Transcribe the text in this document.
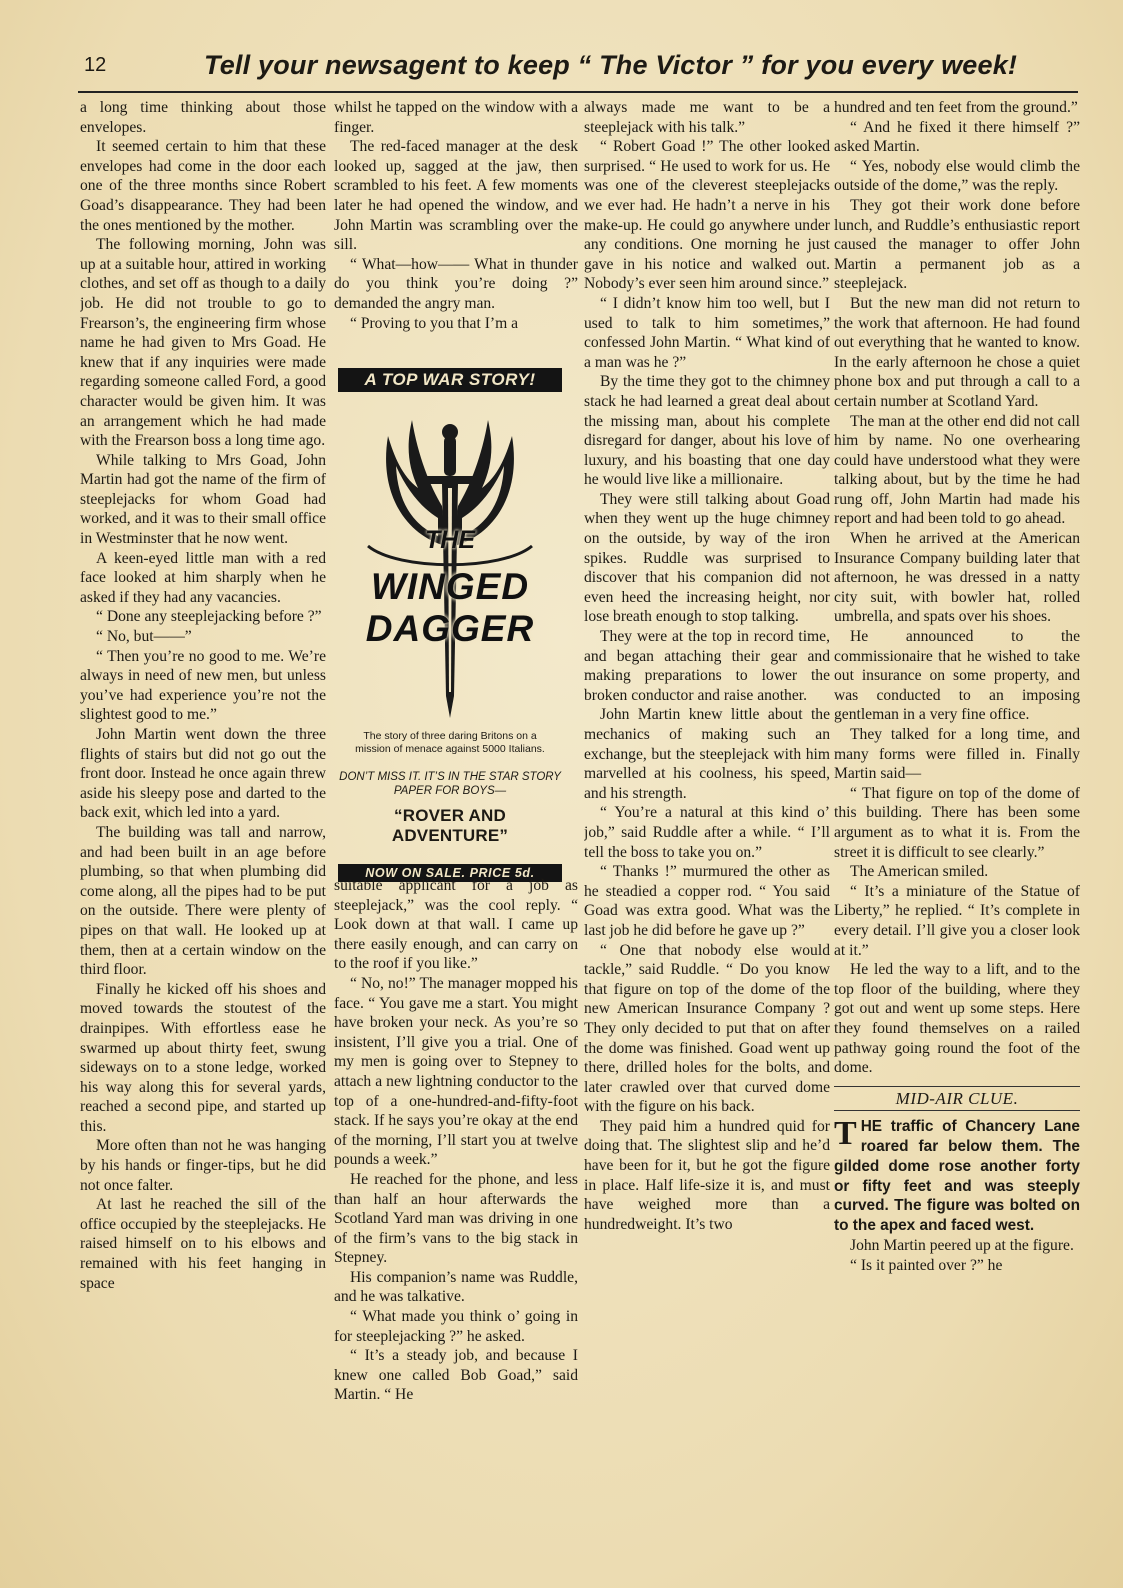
12	Tell your newsagent to keep “ The Victor ” for you every week!

a long time thinking about those envelopes.

It seemed certain to him that these envelopes had come in the door each one of the three months since Robert Goad’s disappearance. They had been the ones mentioned by the mother.

The following morning, John was up at a suitable hour, attired in working clothes, and set off as though to a daily job. He did not trouble to go to Frearson’s, the engineering firm whose name he had given to Mrs Goad. He knew that if any inquiries were made regarding someone called Ford, a good character would be given him. It was an arrangement which he had made with the Frearson boss a long time ago.

While talking to Mrs Goad, John Martin had got the name of the firm of steeplejacks for whom Goad had worked, and it was to their small office in Westminster that he now went.

A keen-eyed little man with a red face looked at him sharply when he asked if they had any vacancies.

“ Done any steeplejacking before ?”

“ No, but——”

“ Then you’re no good to me. We’re always in need of new men, but unless you’ve had experience you’re not the slightest good to me.”

John Martin went down the three flights of stairs but did not go out the front door. Instead he once again threw aside his sleepy pose and darted to the back exit, which led into a yard.

The building was tall and narrow, and had been built in an age before plumbing, so that when plumbing did come along, all the pipes had to be put on the outside. There were plenty of pipes on that wall. He looked up at them, then at a certain window on the third floor.

Finally he kicked off his shoes and moved towards the stoutest of the drainpipes. With effortless ease he swarmed up about thirty feet, swung sideways on to a stone ledge, worked his way along this for several yards, reached a second pipe, and started up this.

More often than not he was hanging by his hands or finger-tips, but he did not once falter.

At last he reached the sill of the office occupied by the steeplejacks. He raised himself on to his elbows and remained with his feet hanging in space

whilst he tapped on the window with a finger.

The red-faced manager at the desk looked up, sagged at the jaw, then scrambled to his feet. A few moments later he had opened the window, and John Martin was scrambling over the sill.

“ What—how—— What in thunder do you think you’re doing ?” demanded the angry man.

“ Proving to you that I’m a

A TOP WAR STORY!
THE
WINGED
DAGGER
The story of three daring Britons on a mission of menace against 5000 Italians.
DON’T MISS IT. IT’S IN THE STAR STORY PAPER FOR BOYS—
“ROVER AND ADVENTURE”
NOW ON SALE. PRICE 5d.

suitable applicant for a job as steeplejack,” was the cool reply. “ Look down at that wall. I came up there easily enough, and can carry on to the roof if you like.”

“ No, no!” The manager mopped his face. “ You gave me a start. You might have broken your neck. As you’re so insistent, I’ll give you a trial. One of my men is going over to Stepney to attach a new lightning conductor to the top of a one-hundred-and-fifty-foot stack. If he says you’re okay at the end of the morning, I’ll start you at twelve pounds a week.”

He reached for the phone, and less than half an hour afterwards the Scotland Yard man was driving in one of the firm’s vans to the big stack in Stepney.

His companion’s name was Ruddle, and he was talkative.

“ What made you think o’ going in for steeplejacking ?” he asked.

“ It’s a steady job, and because I knew one called Bob Goad,” said Martin. “ He

always made me want to be a steeplejack with his talk.”

“ Robert Goad !” The other looked surprised. “ He used to work for us. He was one of the cleverest steeplejacks we ever had. He hadn’t a nerve in his make-up. He could go anywhere under any conditions. One morning he just gave in his notice and walked out. Nobody’s ever seen him around since.”

“ I didn’t know him too well, but I used to talk to him sometimes,” confessed John Martin. “ What kind of a man was he ?”

By the time they got to the chimney stack he had learned a great deal about the missing man, about his complete disregard for danger, about his love of luxury, and his boasting that one day he would live like a millionaire.

They were still talking about Goad when they went up the huge chimney on the outside, by way of the iron spikes. Ruddle was surprised to discover that his companion did not even heed the increasing height, nor lose breath enough to stop talking.

They were at the top in record time, and began attaching their gear and making preparations to lower the broken conductor and raise another.

John Martin knew little about the mechanics of making such an exchange, but the steeplejack with him marvelled at his coolness, his speed, and his strength.

“ You’re a natural at this kind o’ job,” said Ruddle after a while. “ I’ll tell the boss to take you on.”

“ Thanks !” murmured the other as he steadied a copper rod. “ You said Goad was extra good. What was the last job he did before he gave up ?”

“ One that nobody else would tackle,” said Ruddle. “ Do you know that figure on top of the dome of the new American Insurance Company ? They only decided to put that on after the dome was finished. Goad went up there, drilled holes for the bolts, and later crawled over that curved dome with the figure on his back.

They paid him a hundred quid for doing that. The slightest slip and he’d have been for it, but he got the figure in place. Half life-size it is, and must have weighed more than a hundredweight. It’s two

hundred and ten feet from the ground.”

“ And he fixed it there himself ?” asked Martin.

“ Yes, nobody else would climb the outside of the dome,” was the reply.

They got their work done before lunch, and Ruddle’s enthusiastic report caused the manager to offer John Martin a permanent job as a steeplejack.

But the new man did not return to the work that afternoon. He had found out everything that he wanted to know. In the early afternoon he chose a quiet phone box and put through a call to a certain number at Scotland Yard.

The man at the other end did not call him by name. No one overhearing could have understood what they were talking about, but by the time he had rung off, John Martin had made his report and had been told to go ahead.

When he arrived at the American Insurance Company building later that afternoon, he was dressed in a natty city suit, with bowler hat, rolled umbrella, and spats over his shoes.

He announced to the commissionaire that he wished to take out insurance on some property, and was conducted to an imposing gentleman in a very fine office.

They talked for a long time, and many forms were filled in. Finally Martin said—

“ That figure on top of the dome of this building. There has been some argument as to what it is. From the street it is difficult to see clearly.”

The American smiled.

“ It’s a miniature of the Statue of Liberty,” he replied. “ It’s complete in every detail. I’ll give you a closer look at it.”

He led the way to a lift, and to the top floor of the building, where they got out and went up some steps. Here they found themselves on a railed pathway going round the foot of the dome.

MID-AIR CLUE.

THE traffic of Chancery Lane roared far below them. The gilded dome rose another forty or fifty feet and was steeply curved. The figure was bolted on to the apex and faced west.

John Martin peered up at the figure.

“ Is it painted over ?” he
